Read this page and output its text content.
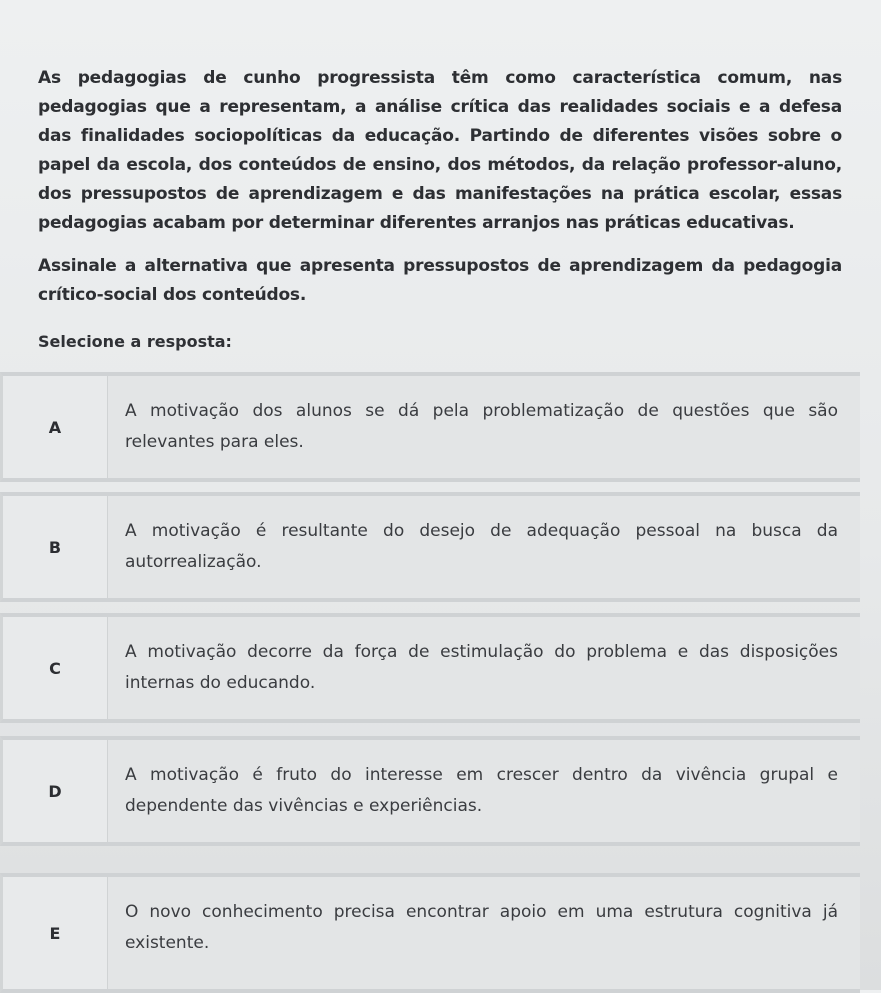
As pedagogias de cunho progressista têm como característica comum, nas pedagogias que a representam, a análise crítica das realidades sociais e a defesa das finalidades sociopolíticas da educação. Partindo de diferentes visões sobre o papel da escola, dos conteúdos de ensino, dos métodos, da relação professor-aluno, dos pressupostos de aprendizagem e das manifestações na prática escolar, essas pedagogias acabam por determinar diferentes arranjos nas práticas educativas.

Assinale a alternativa que apresenta pressupostos de aprendizagem da pedagogia crítico-social dos conteúdos.

Selecione a resposta:
A
A motivação dos alunos se dá pela problematização de questões que são relevantes para eles.
B
A motivação é resultante do desejo de adequação pessoal na busca da autorrealização.
C
A motivação decorre da força de estimulação do problema e das disposições internas do educando.
D
A motivação é fruto do interesse em crescer dentro da vivência grupal e dependente das vivências e experiências.
E
O novo conhecimento precisa encontrar apoio em uma estrutura cognitiva já existente.
